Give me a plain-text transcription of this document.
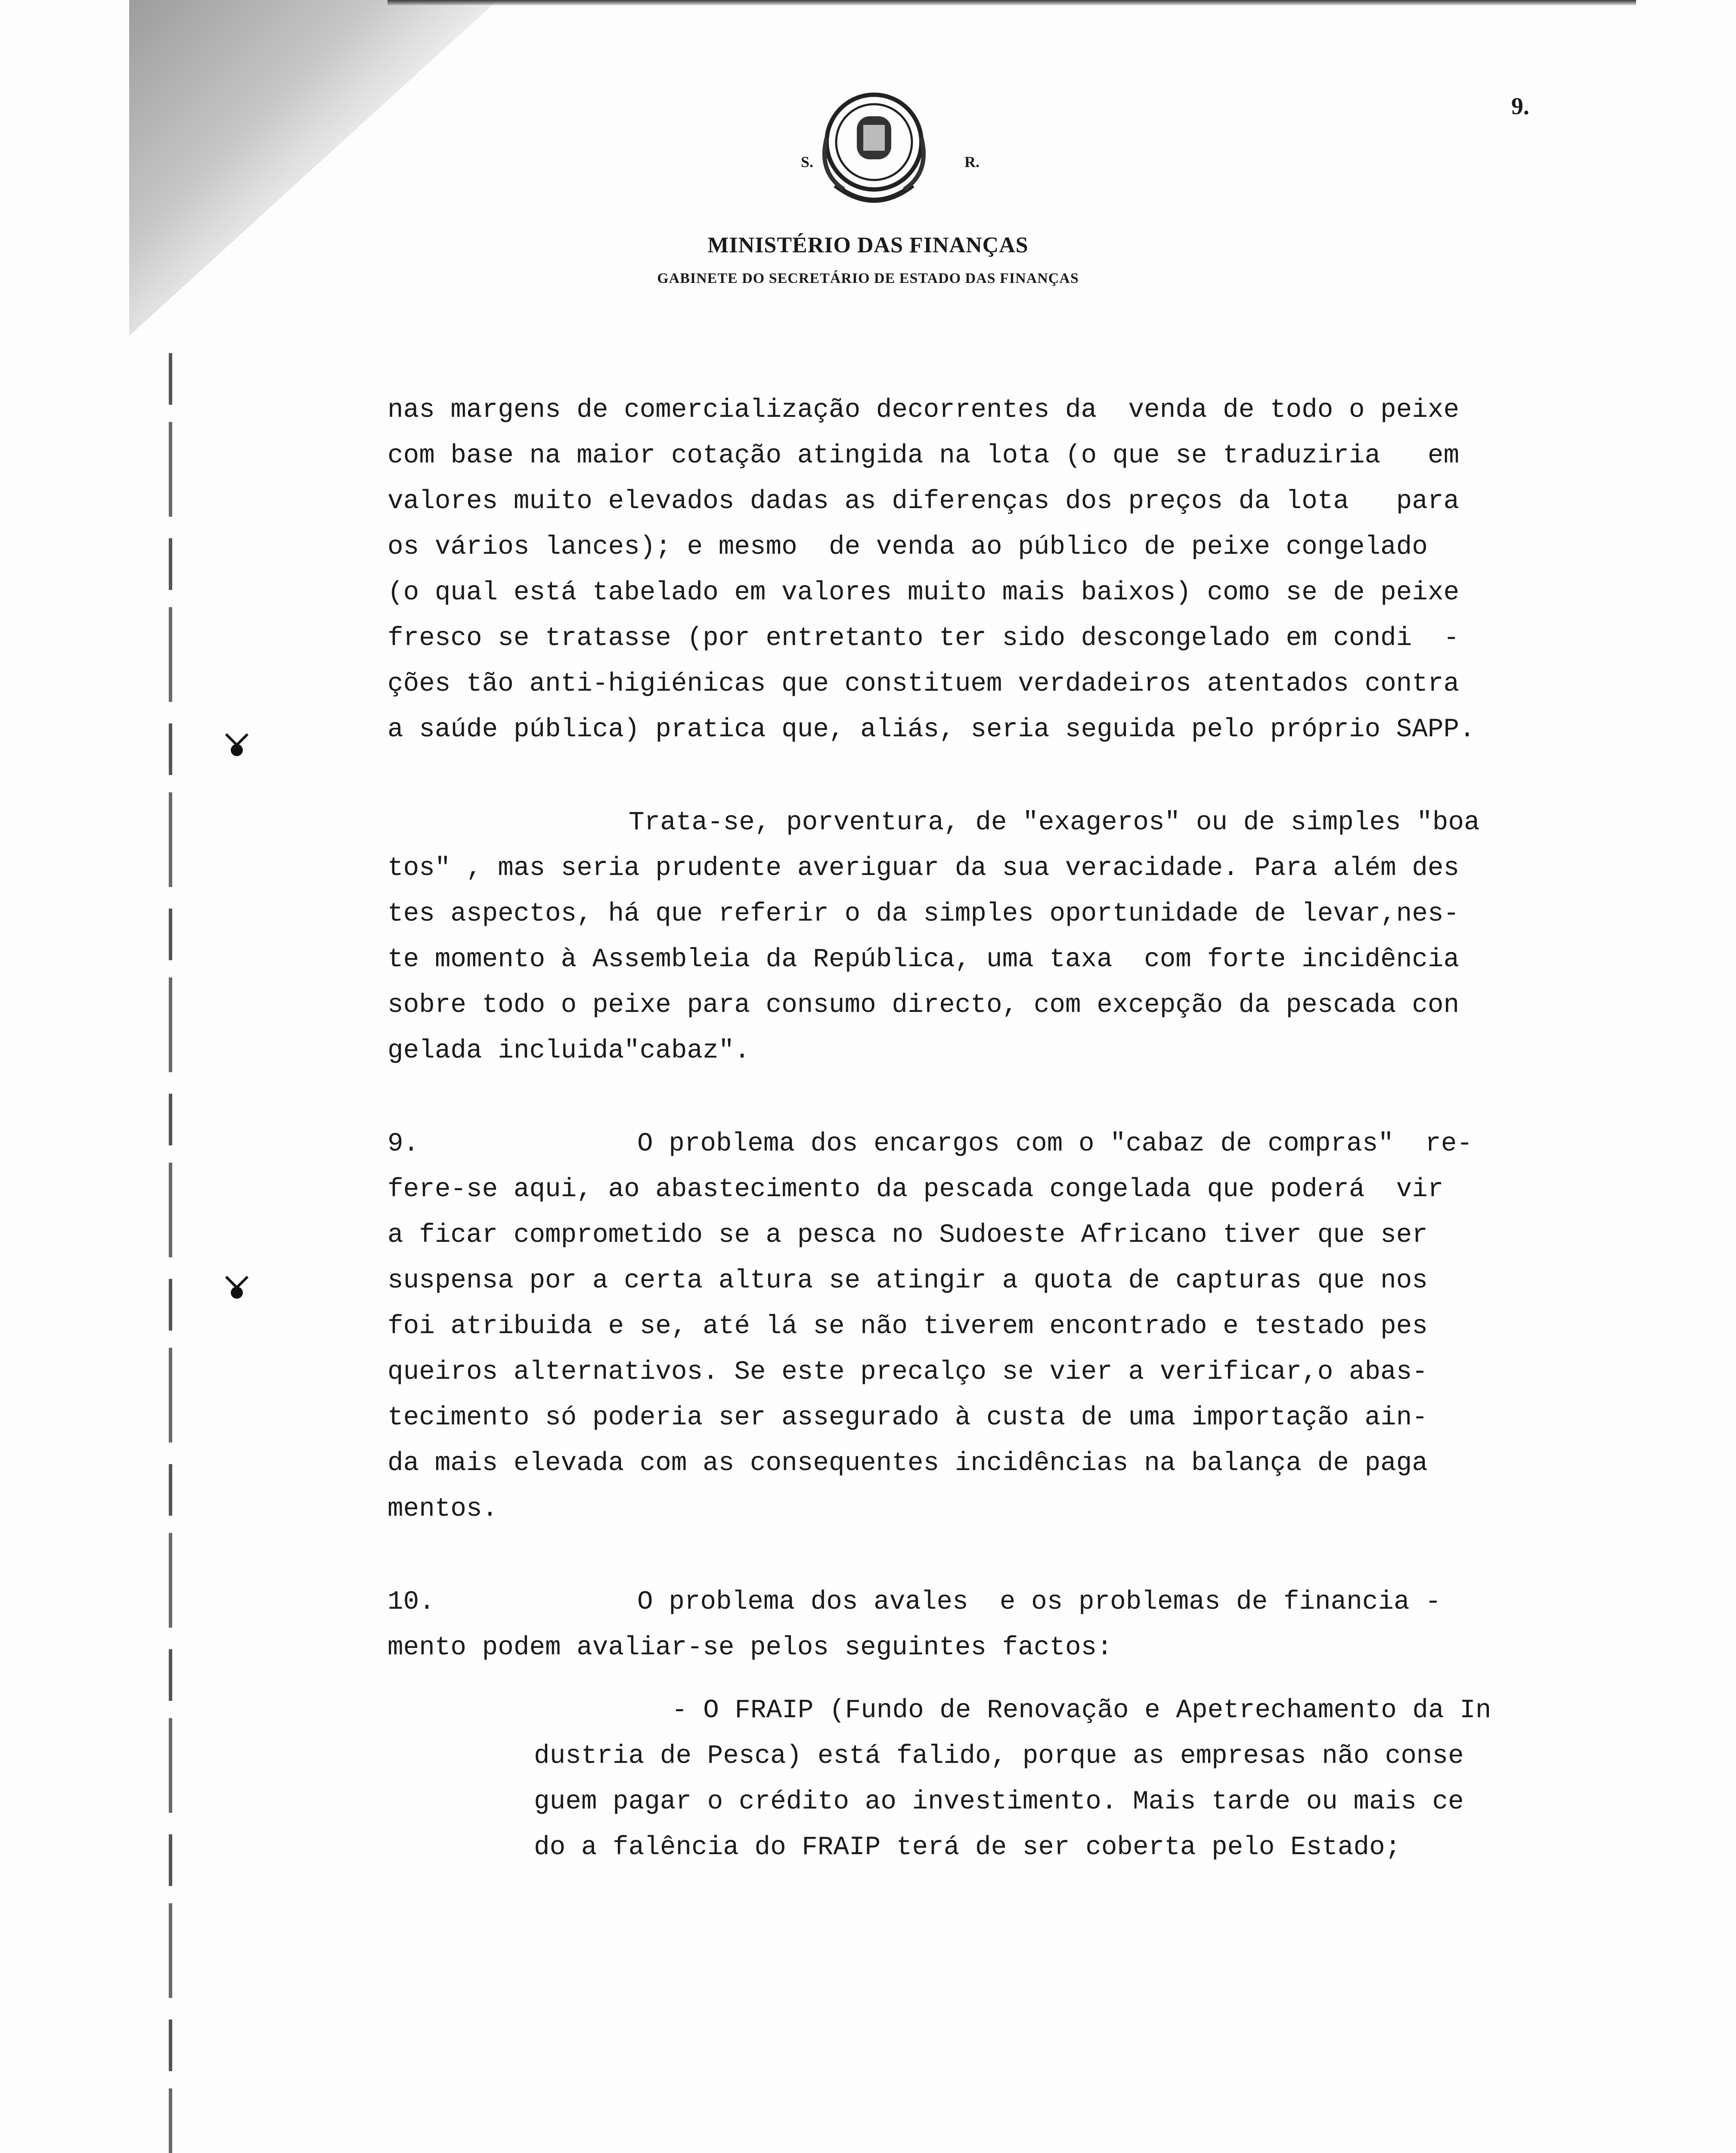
9.
S.	R.
MINISTÉRIO DAS FINANÇAS
GABINETE DO SECRETÁRIO DE ESTADO DAS FINANÇAS
nas margens de comercialização decorrentes da  venda de todo o peixe
com base na maior cotação atingida na lota (o que se traduziria   em
valores muito elevados dadas as diferenças dos preços da lota   para
os vários lances); e mesmo  de venda ao público de peixe congelado
(o qual está tabelado em valores muito mais baixos) como se de peixe
fresco se tratasse (por entretanto ter sido descongelado em condi  -
ções tão anti-higiénicas que constituem verdadeiros atentados contra
a saúde pública) pratica que, aliás, seria seguida pelo próprio SAPP.
Trata-se, porventura, de "exageros" ou de simples "boa
tos" , mas seria prudente averiguar da sua veracidade. Para além des
tes aspectos, há que referir o da simples oportunidade de levar,nes-
te momento à Assembleia da República, uma taxa  com forte incidência
sobre todo o peixe para consumo directo, com excepção da pescada con
gelada incluida"cabaz".
9.	O problema dos encargos com o "cabaz de compras"  re-
fere-se aqui, ao abastecimento da pescada congelada que poderá  vir
a ficar comprometido se a pesca no Sudoeste Africano tiver que ser
suspensa por a certa altura se atingir a quota de capturas que nos
foi atribuida e se, até lá se não tiverem encontrado e testado pes
queiros alternativos. Se este precalço se vier a verificar,o abas-
tecimento só poderia ser assegurado à custa de uma importação ain-
da mais elevada com as consequentes incidências na balança de paga
mentos.
10.	O problema dos avales  e os problemas de financia -
mento podem avaliar-se pelos seguintes factos:
- O FRAIP (Fundo de Renovação e Apetrechamento da In
dustria de Pesca) está falido, porque as empresas não conse
guem pagar o crédito ao investimento. Mais tarde ou mais ce
do a falência do FRAIP terá de ser coberta pelo Estado;
